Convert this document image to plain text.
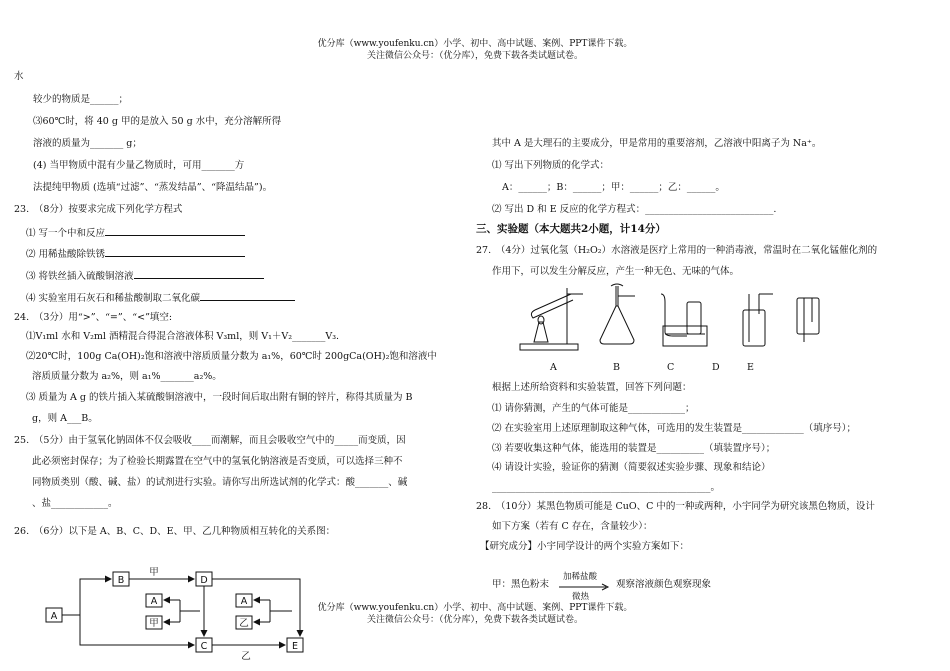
优分库（www.youfenku.cn）小学、初中、高中试题、案例、PPT课件下载。
关注微信公众号：（优分库），免费下载各类试题试卷。
水
较少的物质是______；
⑶60℃时，将 40 g 甲的是放入 50 g 水中，充分溶解所得
溶液的质量为_______ g；
(4) 当甲物质中混有少量乙物质时，可用_______方
法提纯甲物质 (选填“过滤”、“蒸发结晶”、“降温结晶”)。
23.　（8分）按要求完成下列化学方程式
⑴ 写一个中和反应
⑵ 用稀盐酸除铁锈
⑶ 将铁丝插入硫酸铜溶液
⑷ 实验室用石灰石和稀盐酸制取二氧化碳
24.　（3分）用“>”、“=”、“<”填空:
⑴V₁ml 水和 V₂ml 酒精混合得混合溶液体积 V₃ml，则 V₁＋V₂_______V₃.
⑵20℃时，100g Ca(OH)₂饱和溶液中溶质质量分数为 a₁%，60℃时 200gCa(OH)₂饱和溶液中
溶质质量分数为 a₂%，则 a₁%_______a₂%。
⑶ 质量为 A g 的铁片插入某硫酸铜溶液中，一段时间后取出附有铜的锌片，称得其质量为 B
g，则 A___B。
25.　（5分）由于氢氧化钠固体不仅会吸收____而潮解，而且会吸收空气中的_____而变质，因
此必须密封保存；为了检验长期露置在空气中的氢氧化钠溶液是否变质，可以选择三种不
同物质类别（酸、碱、盐）的试剂进行实验。请你写出所选试剂的化学式：酸_______、碱
、盐____________。
26.　（6分）以下是 A、B、C、D、E、甲、乙几种物质相互转化的关系图：
A
B	D
C	E
甲
乙
A
甲
A
乙
其中 A 是大理石的主要成分，甲是常用的重要溶剂，乙溶液中阳离子为 Na⁺。
⑴ 写出下列物质的化学式：
A：______；B：______；甲：______；乙：______。
⑵ 写出 D 和 E 反应的化学方程式：___________________________.
三、实验题（本大题共2小题，计14分）
27.　（4分）过氧化氢（H₂O₂）水溶液是医疗上常用的一种消毒液，常温时在二氧化锰催化剂的
作用下，可以发生分解反应，产生一种无色、无味的气体。
A	B	C	D	E
根据上述所给资料和实验装置，回答下列问题：
⑴ 请你猜测，产生的气体可能是____________；
⑵ 在实验室用上述原理制取这种气体，可选用的发生装置是_____________（填序号）；
⑶ 若要收集这种气体，能选用的装置是__________（填装置序号）；
⑷ 请设计实验，验证你的猜测（简要叙述实验步骤、现象和结论）
______________________________________________。
28.　（10分）某黑色物质可能是 CuO、C 中的一种或两种，小宇同学为研究该黑色物质，设计
如下方案（若有 C 存在，含量较少）：
【研究成分】小宇同学设计的两个实验方案如下：
甲：黑色粉末
加稀盐酸
微热
观察溶液颜色观察现象
优分库（www.youfenku.cn）小学、初中、高中试题、案例、PPT课件下载。
关注微信公众号：（优分库），免费下载各类试题试卷。
